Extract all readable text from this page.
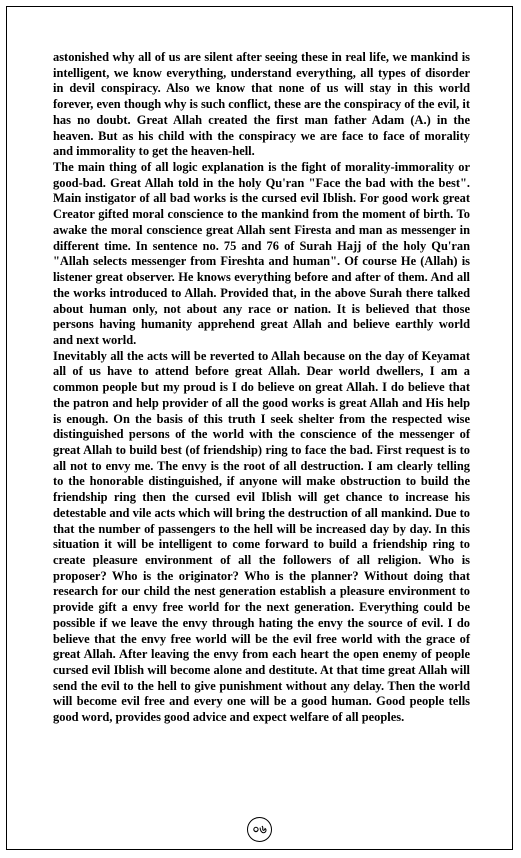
astonished why all of us are silent after seeing these in real life, we mankind is intelligent, we know everything, understand everything, all types of disorder in devil conspiracy. Also we know that none of us will stay in this world forever, even though why is such conflict, these are the conspiracy of the evil, it has no doubt. Great Allah created the first man father Adam (A.) in the heaven. But as his child with the conspiracy we are face to face of morality and immorality to get the heaven-hell.

The main thing of all logic explanation is the fight of morality-immorality or good-bad. Great Allah told in the holy Qu'ran "Face the bad with the best". Main instigator of all bad works is the cursed evil Iblish. For good work great Creator gifted moral conscience to the mankind from the moment of birth. To awake the moral conscience great Allah sent Firesta and man as messenger in different time. In sentence no. 75 and 76 of Surah Hajj of the holy Qu'ran "Allah selects messenger from Fireshta and human". Of course He (Allah) is listener great observer. He knows everything before and after of them. And all the works introduced to Allah. Provided that, in the above Surah there talked about human only, not about any race or nation. It is believed that those persons having humanity apprehend great Allah and believe earthly world and next world.

Inevitably all the acts will be reverted to Allah because on the day of Keyamat all of us have to attend before great Allah. Dear world dwellers, I am a common people but my proud is I do believe on great Allah. I do believe that the patron and help provider of all the good works is great Allah and His help is enough. On the basis of this truth I seek shelter from the respected wise distinguished persons of the world with the conscience of the messenger of great Allah to build best (of friendship) ring to face the bad. First request is to all not to envy me. The envy is the root of all destruction. I am clearly telling to the honorable distinguished, if anyone will make obstruction to build the friendship ring then the cursed evil Iblish will get chance to increase his detestable and vile acts which will bring the destruction of all mankind. Due to that the number of passengers to the hell will be increased day by day. In this situation it will be intelligent to come forward to build a friendship ring to create pleasure environment of all the followers of all religion. Who is proposer? Who is the originator? Who is the planner? Without doing that research for our child the nest generation establish a pleasure environment to provide gift a envy free world for the next generation. Everything could be possible if we leave the envy through hating the envy the source of evil. I do believe that the envy free world will be the evil free world with the grace of great Allah. After leaving the envy from each heart the open enemy of people cursed evil Iblish will become alone and destitute. At that time great Allah will send the evil to the hell to give punishment without any delay. Then the world will become evil free and every one will be a good human. Good people tells good word, provides good advice and expect welfare of all peoples.

০৬
